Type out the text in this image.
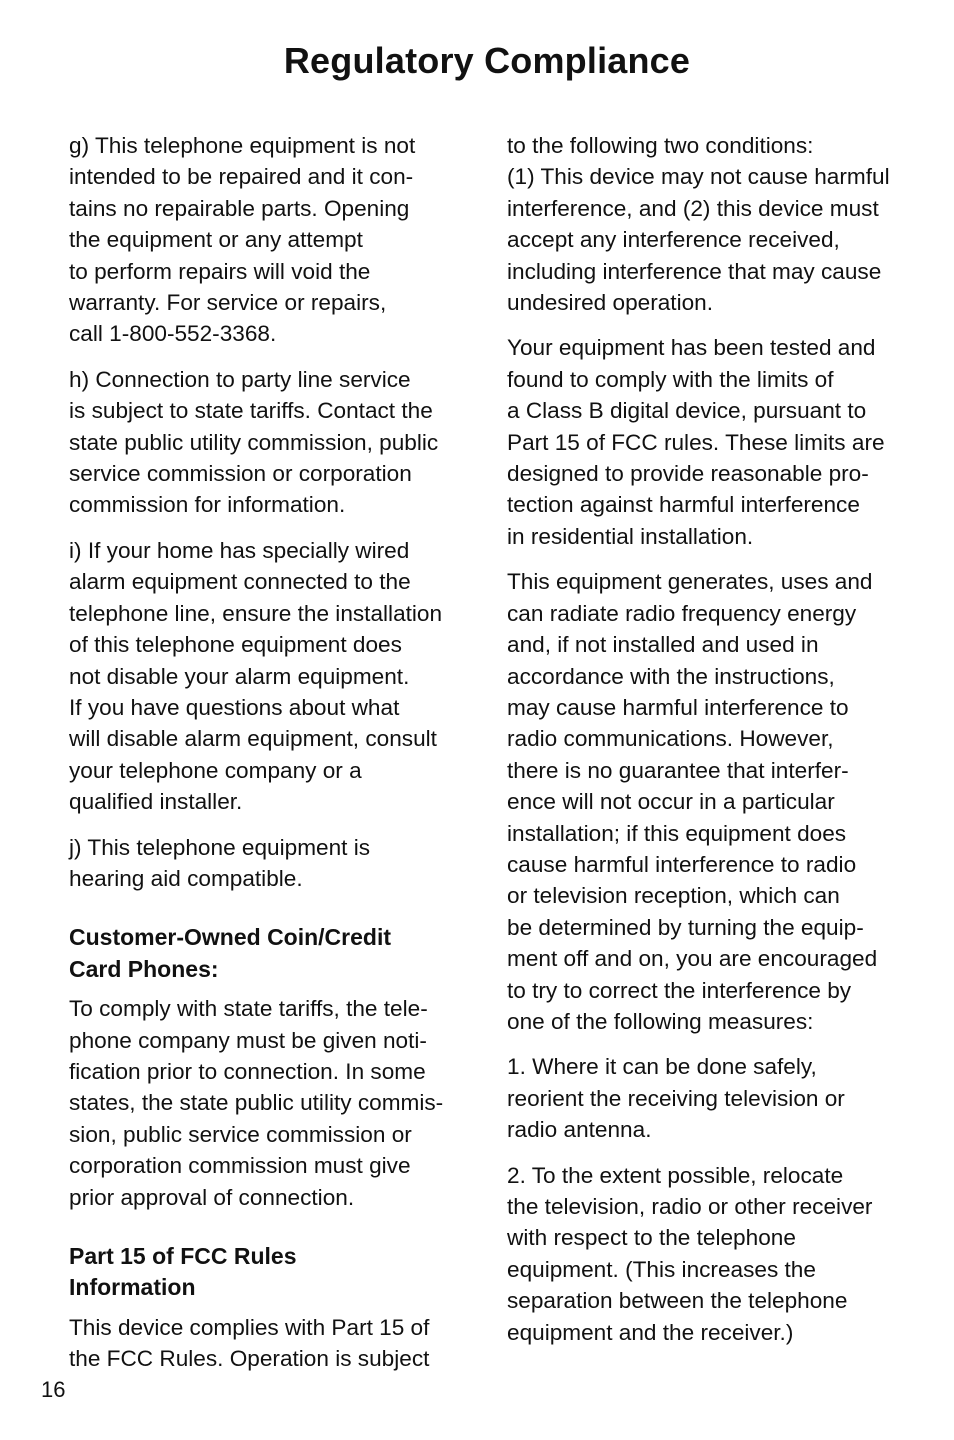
Regulatory Compliance

g) This telephone equipment is not
intended to be repaired and it con-
tains no repairable parts. Opening
the equipment or any attempt
to perform repairs will void the
warranty. For service or repairs,
call 1-800-552-3368.

h) Connection to party line service
is subject to state tariffs. Contact the
state public utility commission, public
service commission or corporation
commission for information.

i) If your home has specially wired
alarm equipment connected to the
telephone line, ensure the installation
of this telephone equipment does
not disable your alarm equipment.
If you have questions about what
will disable alarm equipment, consult
your telephone company or a
qualified installer.

j) This telephone equipment is
hearing aid compatible.

Customer-Owned Coin/Credit
Card Phones:

To comply with state tariffs, the tele-
phone company must be given noti-
fication prior to connection. In some
states, the state public utility commis-
sion, public service commission or
corporation commission must give
prior approval of connection.

Part 15 of FCC Rules
Information

This device complies with Part 15 of
the FCC Rules. Operation is subject

to the following two conditions:
(1) This device may not cause harmful
interference, and (2) this device must
accept any interference received,
including interference that may cause
undesired operation.

Your equipment has been tested and
found to comply with the limits of
a Class B digital device, pursuant to
Part 15 of FCC rules. These limits are
designed to provide reasonable pro-
tection against harmful interference
in residential installation.

This equipment generates, uses and
can radiate radio frequency energy
and, if not installed and used in
accordance with the instructions,
may cause harmful interference to
radio communications. However,
there is no guarantee that interfer-
ence will not occur in a particular
installation; if this equipment does
cause harmful interference to radio
or television reception, which can
be determined by turning the equip-
ment off and on, you are encouraged
to try to correct the interference by
one of the following measures:

1. Where it can be done safely,
reorient the receiving television or
radio antenna.

2. To the extent possible, relocate
the television, radio or other receiver
with respect to the telephone
equipment. (This increases the
separation between the telephone
equipment and the receiver.)

16
